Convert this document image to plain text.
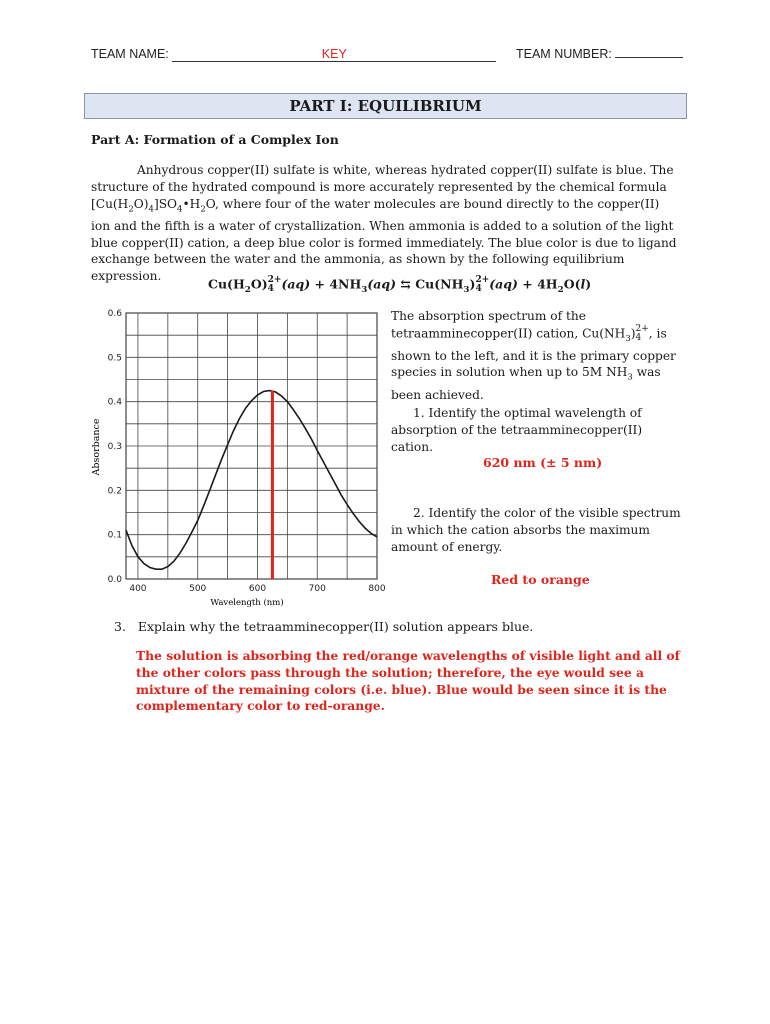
TEAM NAME:	KEY	TEAM NUMBER:
PART I: EQUILIBRIUM
Part A: Formation of a Complex Ion

Anhydrous copper(II) sulfate is white, whereas hydrated copper(II) sulfate is blue. The structure of the hydrated compound is more accurately represented by the chemical formula $[Cu(H_2O)_4]SO_4•H_2O$, where four of the water molecules are bound directly to the copper(II) ion and the fifth is a water of crystallization. When ammonia is added to a solution of the light blue copper(II) cation, a deep blue color is formed immediately. The blue color is due to ligand exchange between the water and the ammonia, as shown by the following equilibrium expression.

$Cu(H_2O)$ 2+
4 $(aq) + 4NH_3(aq)$ ⇆ $Cu(NH_3)$ 2+
4 $(aq) + 4H_2O(l)$
400	500	600	700	800
0.0
0.1
0.2
0.3
0.4
0.5
0.6
Wavelength (nm)
Absorbance

The absorption spectrum of the tetraamminecopper(II) cation, $Cu(NH_3)$ 2+
4 , is shown to the left, and it is the primary copper species in solution when up to 5M $NH_3$ was been achieved.

1. Identify the optimal wavelength of absorption of the tetraamminecopper(II) cation.

620 nm (± 5 nm)

2. Identify the color of the visible spectrum in which the cation absorbs the maximum amount of energy.

Red to orange
3. Explain why the tetraamminecopper(II) solution appears blue.

The solution is absorbing the red/orange wavelengths of visible light and all of the other colors pass through the solution; therefore, the eye would see a mixture of the remaining colors (i.e. blue). Blue would be seen since it is the complementary color to red-orange.
